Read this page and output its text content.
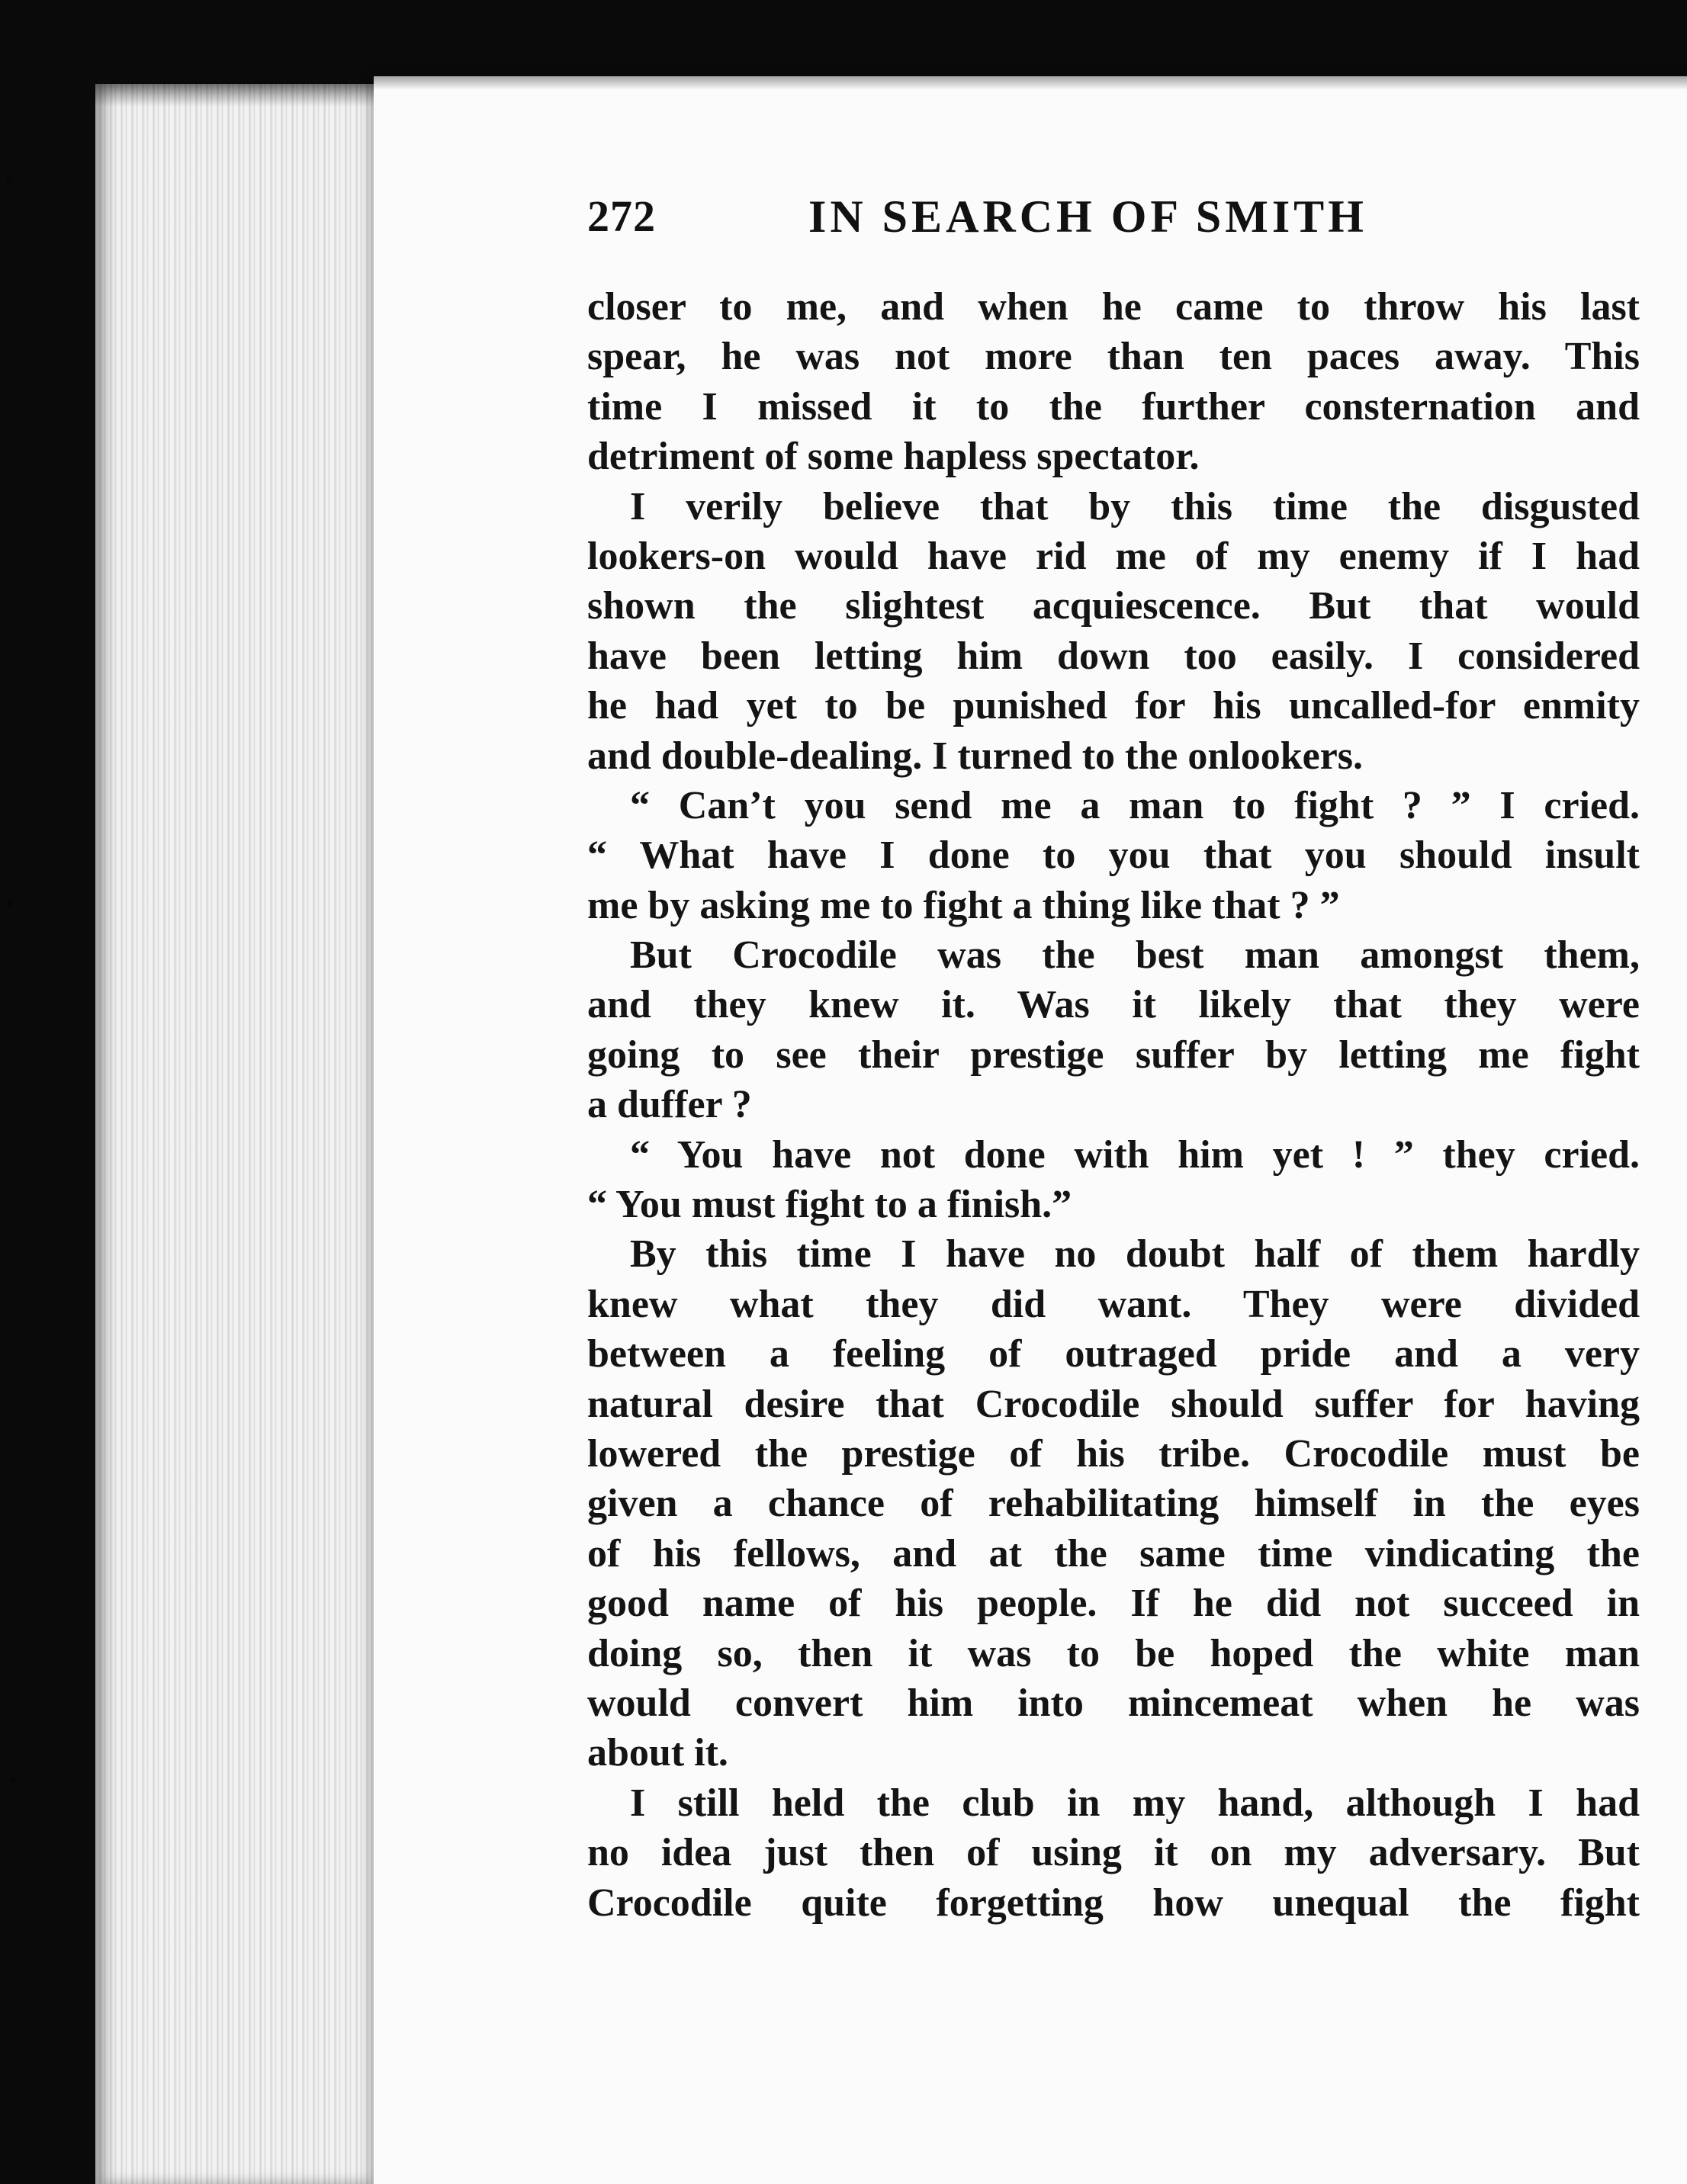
272	IN SEARCH OF SMITH
closer to me, and when he came to throw his last
spear, he was not more than ten paces away. This
time I missed it to the further consternation and
detriment of some hapless spectator.
I verily believe that by this time the disgusted
lookers-on would have rid me of my enemy if I had
shown the slightest acquiescence. But that would
have been letting him down too easily. I considered
he had yet to be punished for his uncalled-for enmity
and double-dealing. I turned to the onlookers.
“ Can’t you send me a man to fight ? ” I cried.
“ What have I done to you that you should insult
me by asking me to fight a thing like that ? ”
But Crocodile was the best man amongst them,
and they knew it. Was it likely that they were
going to see their prestige suffer by letting me fight
a duffer ?
“ You have not done with him yet ! ” they cried.
“ You must fight to a finish.”
By this time I have no doubt half of them hardly
knew what they did want. They were divided
between a feeling of outraged pride and a very
natural desire that Crocodile should suffer for having
lowered the prestige of his tribe. Crocodile must be
given a chance of rehabilitating himself in the eyes
of his fellows, and at the same time vindicating the
good name of his people. If he did not succeed in
doing so, then it was to be hoped the white man
would convert him into mincemeat when he was
about it.
I still held the club in my hand, although I had
no idea just then of using it on my adversary. But
Crocodile quite forgetting how unequal the fight
